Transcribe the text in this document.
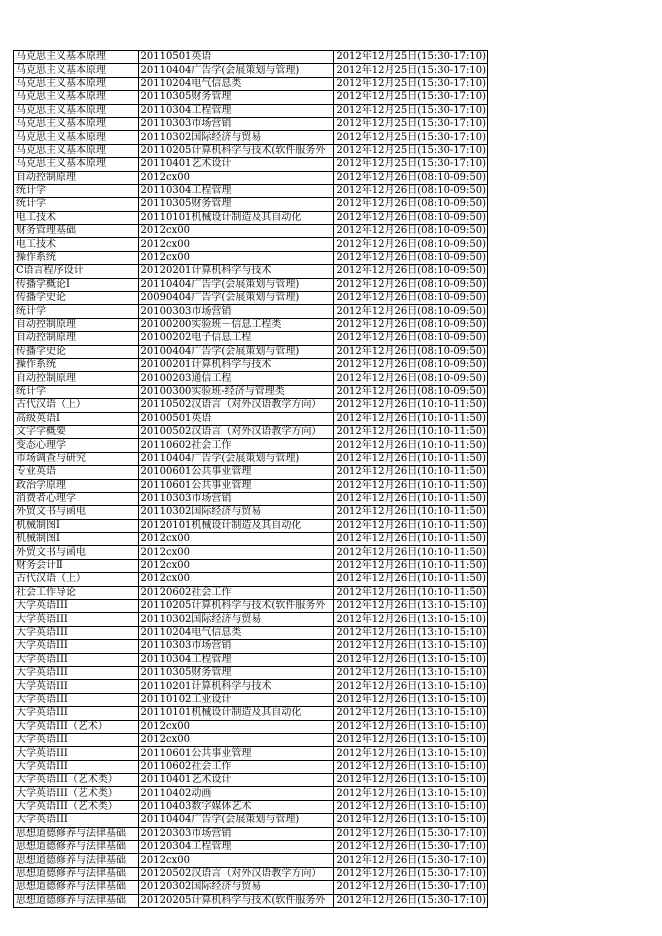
马克思主义基本原理	20110501英语	2012年12月25日(15:30-17:10)
马克思主义基本原理	20110404广告学(会展策划与管理)	2012年12月25日(15:30-17:10)
马克思主义基本原理	20110204电气信息类	2012年12月25日(15:30-17:10)
马克思主义基本原理	20110305财务管理	2012年12月25日(15:30-17:10)
马克思主义基本原理	20110304工程管理	2012年12月25日(15:30-17:10)
马克思主义基本原理	20110303市场营销	2012年12月25日(15:30-17:10)
马克思主义基本原理	20110302国际经济与贸易	2012年12月25日(15:30-17:10)
马克思主义基本原理	20110205计算机科学与技术(软件服务外	2012年12月25日(15:30-17:10)
马克思主义基本原理	20110401艺术设计	2012年12月25日(15:30-17:10)
自动控制原理	2012cx00	2012年12月26日(08:10-09:50)
统计学	20110304工程管理	2012年12月26日(08:10-09:50)
统计学	20110305财务管理	2012年12月26日(08:10-09:50)
电工技术	20110101机械设计制造及其自动化	2012年12月26日(08:10-09:50)
财务管理基础	2012cx00	2012年12月26日(08:10-09:50)
电工技术	2012cx00	2012年12月26日(08:10-09:50)
操作系统	2012cx00	2012年12月26日(08:10-09:50)
C语言程序设计	20120201计算机科学与技术	2012年12月26日(08:10-09:50)
传播学概论I	20110404广告学(会展策划与管理)	2012年12月26日(08:10-09:50)
传播学史论	20090404广告学(会展策划与管理)	2012年12月26日(08:10-09:50)
统计学	20100303市场营销	2012年12月26日(08:10-09:50)
自动控制原理	20100200实验班－信息工程类	2012年12月26日(08:10-09:50)
自动控制原理	20100202电子信息工程	2012年12月26日(08:10-09:50)
传播学史论	20100404广告学(会展策划与管理)	2012年12月26日(08:10-09:50)
操作系统	20100201计算机科学与技术	2012年12月26日(08:10-09:50)
自动控制原理	20100203通信工程	2012年12月26日(08:10-09:50)
统计学	20100300实验班-经济与管理类	2012年12月26日(08:10-09:50)
古代汉语（上）	20110502汉语言（对外汉语教学方向）	2012年12月26日(10:10-11:50)
高级英语Ⅰ	20100501英语	2012年12月26日(10:10-11:50)
文字学概要	20100502汉语言（对外汉语教学方向）	2012年12月26日(10:10-11:50)
变态心理学	20110602社会工作	2012年12月26日(10:10-11:50)
市场调查与研究	20110404广告学(会展策划与管理)	2012年12月26日(10:10-11:50)
专业英语	20100601公共事业管理	2012年12月26日(10:10-11:50)
政治学原理	20110601公共事业管理	2012年12月26日(10:10-11:50)
消费者心理学	20110303市场营销	2012年12月26日(10:10-11:50)
外贸文书与函电	20110302国际经济与贸易	2012年12月26日(10:10-11:50)
机械制图I	20120101机械设计制造及其自动化	2012年12月26日(10:10-11:50)
机械制图Ⅰ	2012cx00	2012年12月26日(10:10-11:50)
外贸文书与函电	2012cx00	2012年12月26日(10:10-11:50)
财务会计Ⅱ	2012cx00	2012年12月26日(10:10-11:50)
古代汉语（上）	2012cx00	2012年12月26日(10:10-11:50)
社会工作导论	20120602社会工作	2012年12月26日(10:10-11:50)
大学英语III	20110205计算机科学与技术(软件服务外	2012年12月26日(13:10-15:10)
大学英语III	20110302国际经济与贸易	2012年12月26日(13:10-15:10)
大学英语III	20110204电气信息类	2012年12月26日(13:10-15:10)
大学英语III	20110303市场营销	2012年12月26日(13:10-15:10)
大学英语III	20110304工程管理	2012年12月26日(13:10-15:10)
大学英语III	20110305财务管理	2012年12月26日(13:10-15:10)
大学英语III	20110201计算机科学与技术	2012年12月26日(13:10-15:10)
大学英语III	20110102工业设计	2012年12月26日(13:10-15:10)
大学英语III	20110101机械设计制造及其自动化	2012年12月26日(13:10-15:10)
大学英语III（艺术）	2012cx00	2012年12月26日(13:10-15:10)
大学英语III	2012cx00	2012年12月26日(13:10-15:10)
大学英语III	20110601公共事业管理	2012年12月26日(13:10-15:10)
大学英语III	20110602社会工作	2012年12月26日(13:10-15:10)
大学英语III（艺术类）	20110401艺术设计	2012年12月26日(13:10-15:10)
大学英语III（艺术类）	20110402动画	2012年12月26日(13:10-15:10)
大学英语III（艺术类）	20110403数字媒体艺术	2012年12月26日(13:10-15:10)
大学英语III	20110404广告学(会展策划与管理)	2012年12月26日(13:10-15:10)
思想道德修养与法律基础	20120303市场营销	2012年12月26日(15:30-17:10)
思想道德修养与法律基础	20120304工程管理	2012年12月26日(15:30-17:10)
思想道德修养与法律基础	2012cx00	2012年12月26日(15:30-17:10)
思想道德修养与法律基础	20120502汉语言（对外汉语教学方向）	2012年12月26日(15:30-17:10)
思想道德修养与法律基础	20120302国际经济与贸易	2012年12月26日(15:30-17:10)
思想道德修养与法律基础	20120205计算机科学与技术(软件服务外	2012年12月26日(15:30-17:10)
